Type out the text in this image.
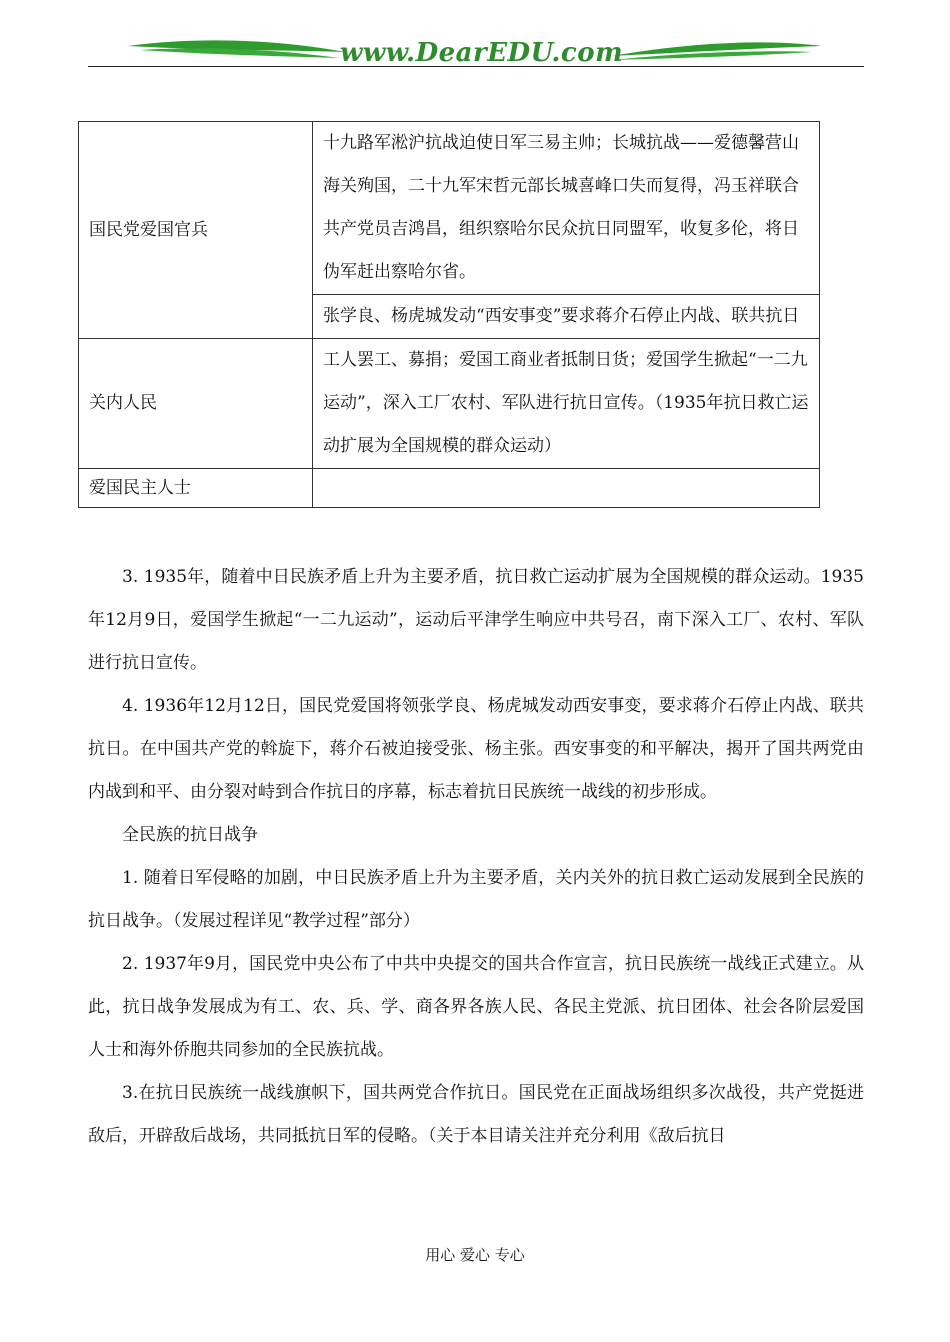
www.DearEDU.com
国民党爱国官兵	十九路军淞沪抗战迫使日军三易主帅；长城抗战——爱德馨营山海关殉国，二十九军宋哲元部长城喜峰口失而复得，冯玉祥联合共产党员吉鸿昌，组织察哈尔民众抗日同盟军，收复多伦，将日伪军赶出察哈尔省。
	张学良、杨虎城发动“西安事变”要求蒋介石停止内战、联共抗日
关内人民	工人罢工、募捐；爱国工商业者抵制日货；爱国学生掀起“一二九运动”，深入工厂农村、军队进行抗日宣传。（1935年抗日救亡运动扩展为全国规模的群众运动）
爱国民主人士	

3. 1935年，随着中日民族矛盾上升为主要矛盾，抗日救亡运动扩展为全国规模的群众运动。1935年12月9日，爱国学生掀起“一二九运动”，运动后平津学生响应中共号召，南下深入工厂、农村、军队进行抗日宣传。

4. 1936年12月12日，国民党爱国将领张学良、杨虎城发动西安事变，要求蒋介石停止内战、联共抗日。在中国共产党的斡旋下，蒋介石被迫接受张、杨主张。西安事变的和平解决，揭开了国共两党由内战到和平、由分裂对峙到合作抗日的序幕，标志着抗日民族统一战线的初步形成。

全民族的抗日战争

1. 随着日军侵略的加剧，中日民族矛盾上升为主要矛盾，关内关外的抗日救亡运动发展到全民族的抗日战争。（发展过程详见“教学过程”部分）

2. 1937年9月，国民党中央公布了中共中央提交的国共合作宣言，抗日民族统一战线正式建立。从此，抗日战争发展成为有工、农、兵、学、商各界各族人民、各民主党派、抗日团体、社会各阶层爱国人士和海外侨胞共同参加的全民族抗战。

3.在抗日民族统一战线旗帜下，国共两党合作抗日。国民党在正面战场组织多次战役，共产党挺进敌后，开辟敌后战场，共同抵抗日军的侵略。（关于本目请关注并充分利用《敌后抗日

用心 爱心 专心
